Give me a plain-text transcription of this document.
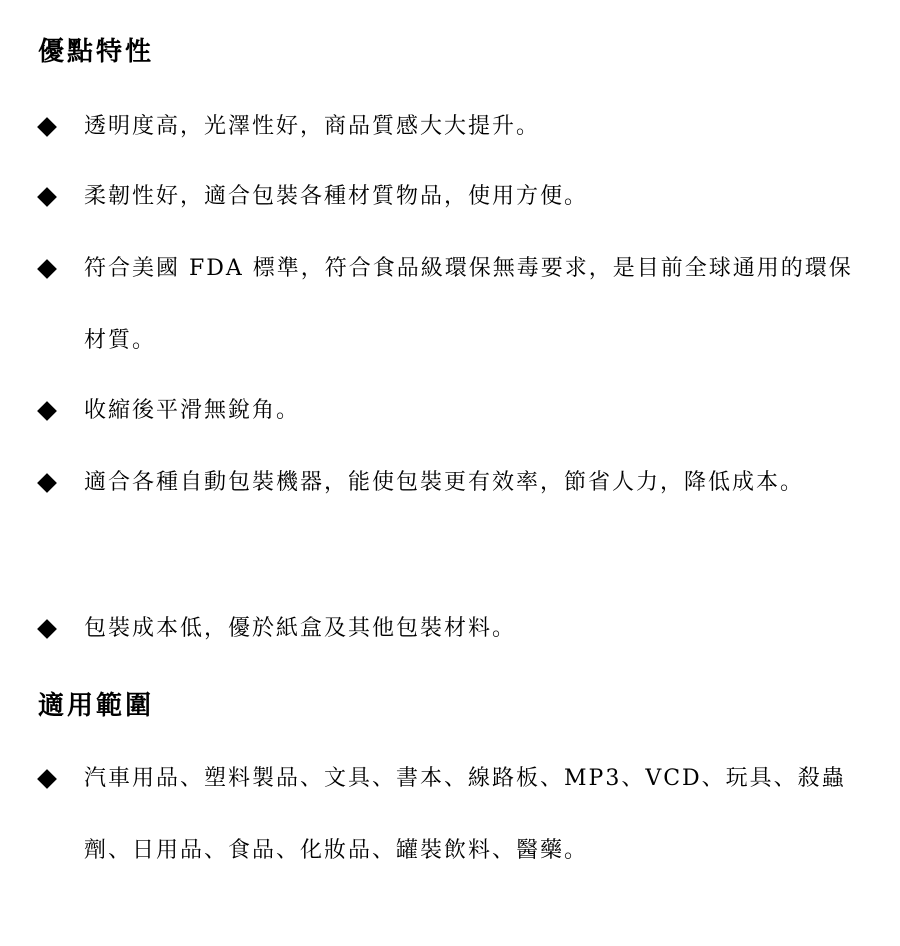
優點特性
透明度高，光澤性好，商品質感大大提升。
柔韌性好，適合包裝各種材質物品，使用方便。
符合美國 FDA 標準，符合食品級環保無毒要求，是目前全球通用的環保材質。
收縮後平滑無銳角。
適合各種自動包裝機器，能使包裝更有效率，節省人力，降低成本。
包裝成本低，優於紙盒及其他包裝材料。
適用範圍
汽車用品、塑料製品、文具、書本、線路板、MP3、VCD、玩具、殺蟲劑、日用品、食品、化妝品、罐裝飲料、醫藥。
